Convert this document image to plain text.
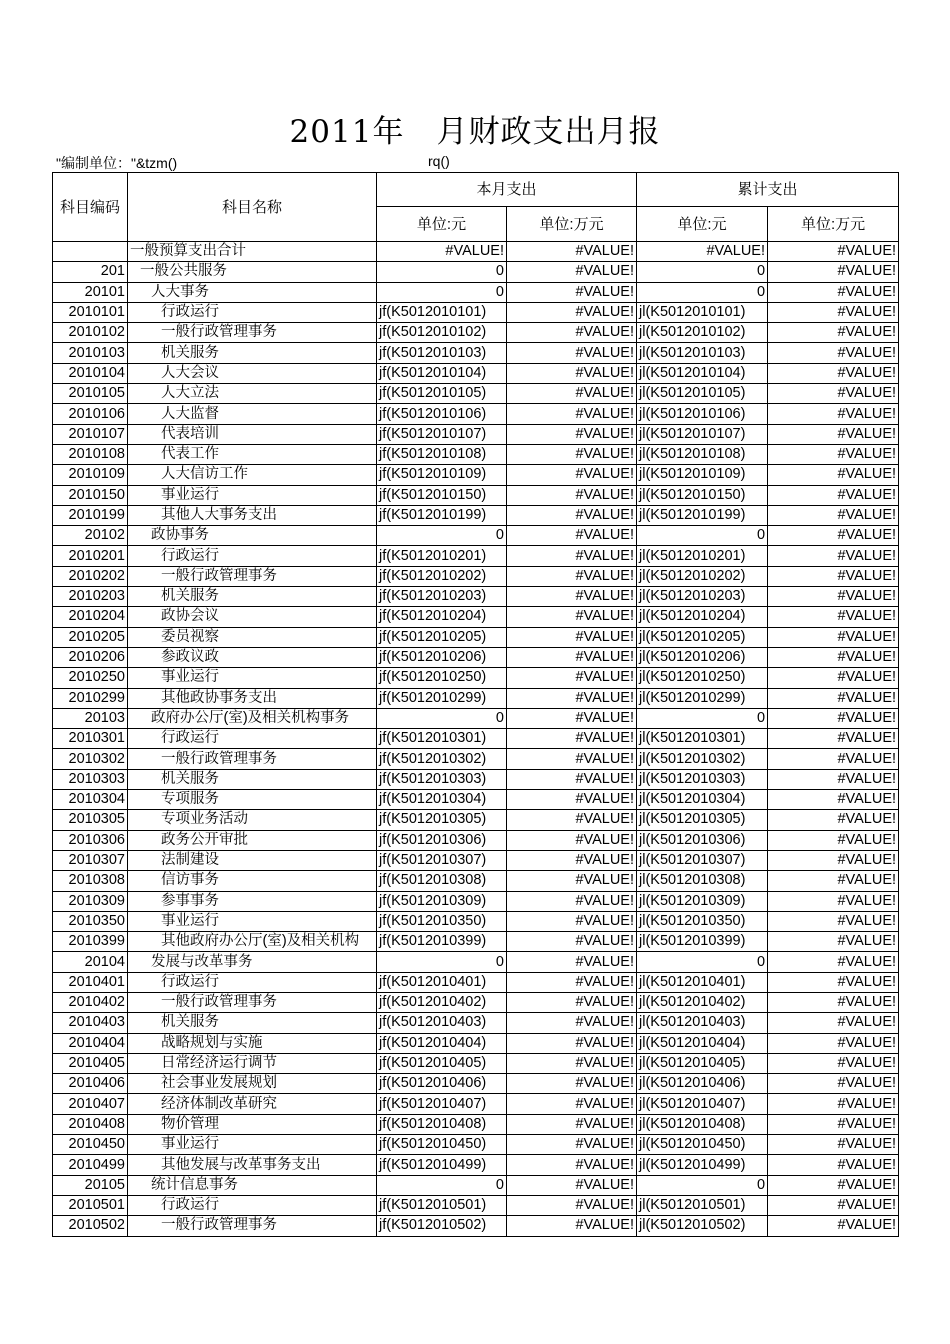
2011年　月财政支出月报
"编制单位："&tzm()	rq()
科目编码	科目名称	本月支出		累计支出	
		单位:元	单位:万元	单位:元	单位:万元
	一般预算支出合计	#VALUE!	#VALUE!	#VALUE!	#VALUE!
201	一般公共服务	0	#VALUE!	0	#VALUE!
20101	人大事务	0	#VALUE!	0	#VALUE!
2010101	行政运行	jf(K5012010101)	#VALUE!	jl(K5012010101)	#VALUE!
2010102	一般行政管理事务	jf(K5012010102)	#VALUE!	jl(K5012010102)	#VALUE!
2010103	机关服务	jf(K5012010103)	#VALUE!	jl(K5012010103)	#VALUE!
2010104	人大会议	jf(K5012010104)	#VALUE!	jl(K5012010104)	#VALUE!
2010105	人大立法	jf(K5012010105)	#VALUE!	jl(K5012010105)	#VALUE!
2010106	人大监督	jf(K5012010106)	#VALUE!	jl(K5012010106)	#VALUE!
2010107	代表培训	jf(K5012010107)	#VALUE!	jl(K5012010107)	#VALUE!
2010108	代表工作	jf(K5012010108)	#VALUE!	jl(K5012010108)	#VALUE!
2010109	人大信访工作	jf(K5012010109)	#VALUE!	jl(K5012010109)	#VALUE!
2010150	事业运行	jf(K5012010150)	#VALUE!	jl(K5012010150)	#VALUE!
2010199	其他人大事务支出	jf(K5012010199)	#VALUE!	jl(K5012010199)	#VALUE!
20102	政协事务	0	#VALUE!	0	#VALUE!
2010201	行政运行	jf(K5012010201)	#VALUE!	jl(K5012010201)	#VALUE!
2010202	一般行政管理事务	jf(K5012010202)	#VALUE!	jl(K5012010202)	#VALUE!
2010203	机关服务	jf(K5012010203)	#VALUE!	jl(K5012010203)	#VALUE!
2010204	政协会议	jf(K5012010204)	#VALUE!	jl(K5012010204)	#VALUE!
2010205	委员视察	jf(K5012010205)	#VALUE!	jl(K5012010205)	#VALUE!
2010206	参政议政	jf(K5012010206)	#VALUE!	jl(K5012010206)	#VALUE!
2010250	事业运行	jf(K5012010250)	#VALUE!	jl(K5012010250)	#VALUE!
2010299	其他政协事务支出	jf(K5012010299)	#VALUE!	jl(K5012010299)	#VALUE!
20103	政府办公厅(室)及相关机构事务	0	#VALUE!	0	#VALUE!
2010301	行政运行	jf(K5012010301)	#VALUE!	jl(K5012010301)	#VALUE!
2010302	一般行政管理事务	jf(K5012010302)	#VALUE!	jl(K5012010302)	#VALUE!
2010303	机关服务	jf(K5012010303)	#VALUE!	jl(K5012010303)	#VALUE!
2010304	专项服务	jf(K5012010304)	#VALUE!	jl(K5012010304)	#VALUE!
2010305	专项业务活动	jf(K5012010305)	#VALUE!	jl(K5012010305)	#VALUE!
2010306	政务公开审批	jf(K5012010306)	#VALUE!	jl(K5012010306)	#VALUE!
2010307	法制建设	jf(K5012010307)	#VALUE!	jl(K5012010307)	#VALUE!
2010308	信访事务	jf(K5012010308)	#VALUE!	jl(K5012010308)	#VALUE!
2010309	参事事务	jf(K5012010309)	#VALUE!	jl(K5012010309)	#VALUE!
2010350	事业运行	jf(K5012010350)	#VALUE!	jl(K5012010350)	#VALUE!
2010399	其他政府办公厅(室)及相关机构	jf(K5012010399)	#VALUE!	jl(K5012010399)	#VALUE!
20104	发展与改革事务	0	#VALUE!	0	#VALUE!
2010401	行政运行	jf(K5012010401)	#VALUE!	jl(K5012010401)	#VALUE!
2010402	一般行政管理事务	jf(K5012010402)	#VALUE!	jl(K5012010402)	#VALUE!
2010403	机关服务	jf(K5012010403)	#VALUE!	jl(K5012010403)	#VALUE!
2010404	战略规划与实施	jf(K5012010404)	#VALUE!	jl(K5012010404)	#VALUE!
2010405	日常经济运行调节	jf(K5012010405)	#VALUE!	jl(K5012010405)	#VALUE!
2010406	社会事业发展规划	jf(K5012010406)	#VALUE!	jl(K5012010406)	#VALUE!
2010407	经济体制改革研究	jf(K5012010407)	#VALUE!	jl(K5012010407)	#VALUE!
2010408	物价管理	jf(K5012010408)	#VALUE!	jl(K5012010408)	#VALUE!
2010450	事业运行	jf(K5012010450)	#VALUE!	jl(K5012010450)	#VALUE!
2010499	其他发展与改革事务支出	jf(K5012010499)	#VALUE!	jl(K5012010499)	#VALUE!
20105	统计信息事务	0	#VALUE!	0	#VALUE!
2010501	行政运行	jf(K5012010501)	#VALUE!	jl(K5012010501)	#VALUE!
2010502	一般行政管理事务	jf(K5012010502)	#VALUE!	jl(K5012010502)	#VALUE!
